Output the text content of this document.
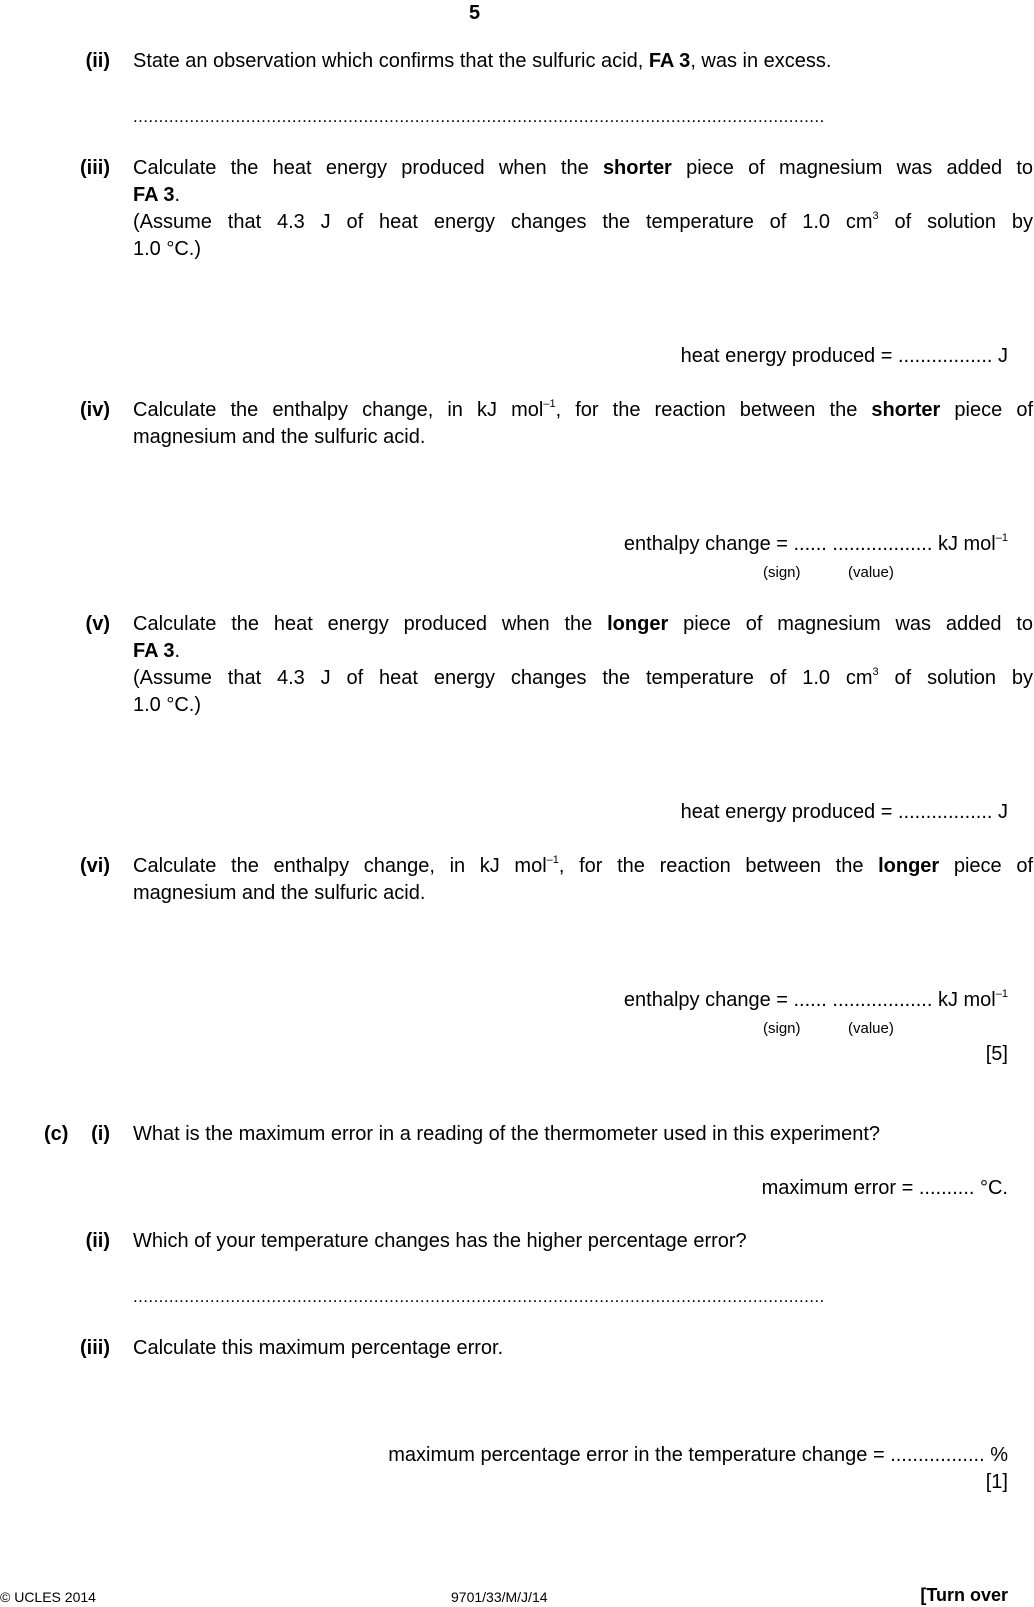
5
(ii) State an observation which confirms that the sulfuric acid, FA 3, was in excess.
.......................................................................................................................................
(iii) Calculate the heat energy produced when the shorter piece of magnesium was added to
FA 3.
(Assume that 4.3 J of heat energy changes the temperature of 1.0 $cm^3$ of solution by
1.0 °C.)
heat energy produced = ................. J
(iv) Calculate the enthalpy change, in kJ mol$^{-1}$, for the reaction between the shorter piece of
magnesium and the sulfuric acid.
enthalpy change = ...... .................. kJ mol$^{-1}$
(sign)	(value)
(v) Calculate the heat energy produced when the longer piece of magnesium was added to
FA 3.
(Assume that 4.3 J of heat energy changes the temperature of 1.0 $cm^3$ of solution by
1.0 °C.)
heat energy produced = ................. J
(vi) Calculate the enthalpy change, in kJ mol$^{-1}$, for the reaction between the longer piece of
magnesium and the sulfuric acid.
enthalpy change = ...... .................. kJ mol$^{-1}$
(sign)	(value)
[5]
(c)	(i) What is the maximum error in a reading of the thermometer used in this experiment?
maximum error = .......... °C.
(ii) Which of your temperature changes has the higher percentage error?
.......................................................................................................................................
(iii) Calculate this maximum percentage error.
maximum percentage error in the temperature change = ................. %
[1]
© UCLES 2014	9701/33/M/J/14	[Turn over
